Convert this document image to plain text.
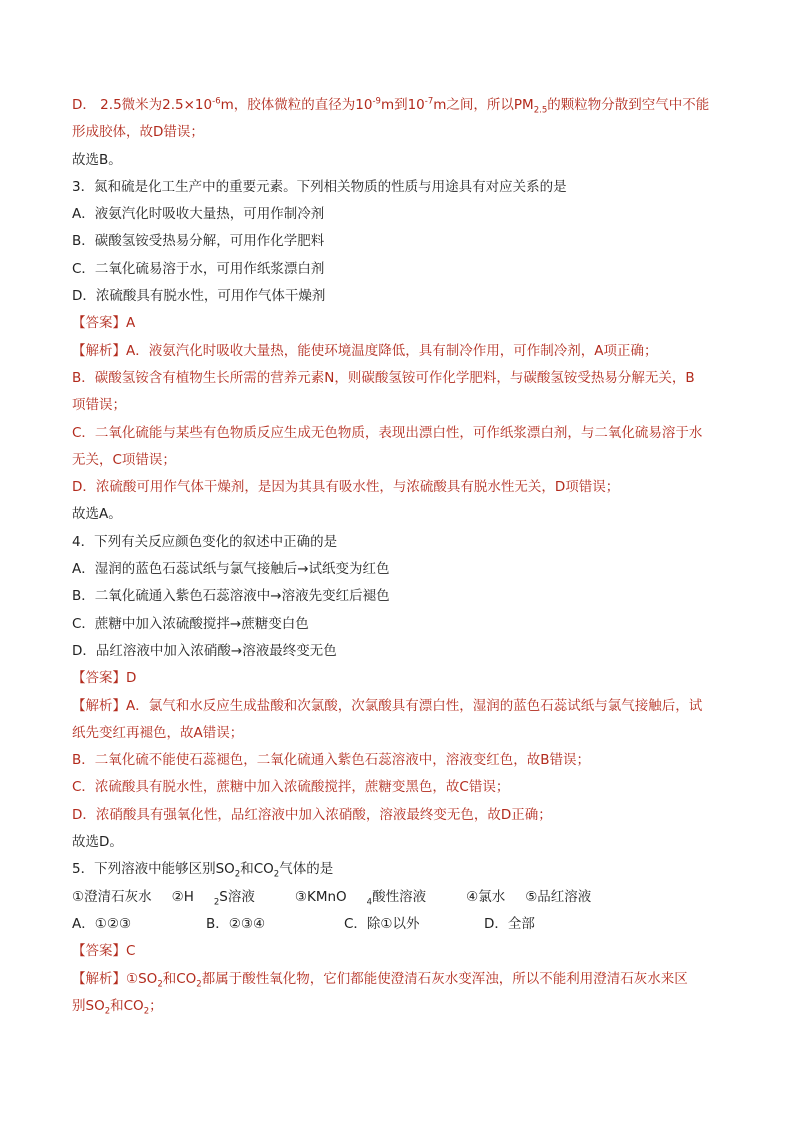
D． 2.5微米为$2.5\times 10^{-6}m$，胶体微粒的直径为$10^{-9}m$到$10^{-7}m$之间，所以$PM_{2.5}$的颗粒物分散到空气中不能
形成胶体，故D错误；
故选B。
3．氮和硫是化工生产中的重要元素。下列相关物质的性质与用途具有对应关系的是
A．液氨汽化时吸收大量热，可用作制冷剂
B．碳酸氢铵受热易分解，可用作化学肥料
C．二氧化硫易溶于水，可用作纸浆漂白剂
D．浓硫酸具有脱水性，可用作气体干燥剂
【答案】A
【解析】A．液氨汽化时吸收大量热，能使环境温度降低，具有制冷作用，可作制冷剂，A项正确；
B．碳酸氢铵含有植物生长所需的营养元素N，则碳酸氢铵可作化学肥料，与碳酸氢铵受热易分解无关，B
项错误；
C．二氧化硫能与某些有色物质反应生成无色物质，表现出漂白性，可作纸浆漂白剂，与二氧化硫易溶于水
无关，C项错误；
D．浓硫酸可用作气体干燥剂，是因为其具有吸水性，与浓硫酸具有脱水性无关，D项错误；
故选A。
4．下列有关反应颜色变化的叙述中正确的是
A．湿润的蓝色石蕊试纸与氯气接触后→试纸变为红色
B．二氧化硫通入紫色石蕊溶液中→溶液先变红后褪色
C．蔗糖中加入浓硫酸搅拌→蔗糖变白色
D．品红溶液中加入浓硝酸→溶液最终变无色
【答案】D
【解析】A．氯气和水反应生成盐酸和次氯酸，次氯酸具有漂白性，湿润的蓝色石蕊试纸与氯气接触后，试
纸先变红再褪色，故A错误；
B．二氧化硫不能使石蕊褪色，二氧化硫通入紫色石蕊溶液中，溶液变红色，故B错误；
C．浓硫酸具有脱水性，蔗糖中加入浓硫酸搅拌，蔗糖变黑色，故C错误；
D．浓硝酸具有强氧化性，品红溶液中加入浓硝酸，溶液最终变无色，故D正确；
故选D。
5．下列溶液中能够区别$SO_2$和$CO_2$气体的是
①澄清石灰水 ②H $_2$S溶液	③KMnO $_4$酸性溶液	④氯水 ⑤品红溶液
A．①②③	B．②③④	C．除①以外	D．全部
【答案】C
【解析】$①SO_2$和$CO_2$都属于酸性氧化物，它们都能使澄清石灰水变浑浊，所以不能利用澄清石灰水来区
别$SO_2$和$CO_2$；
